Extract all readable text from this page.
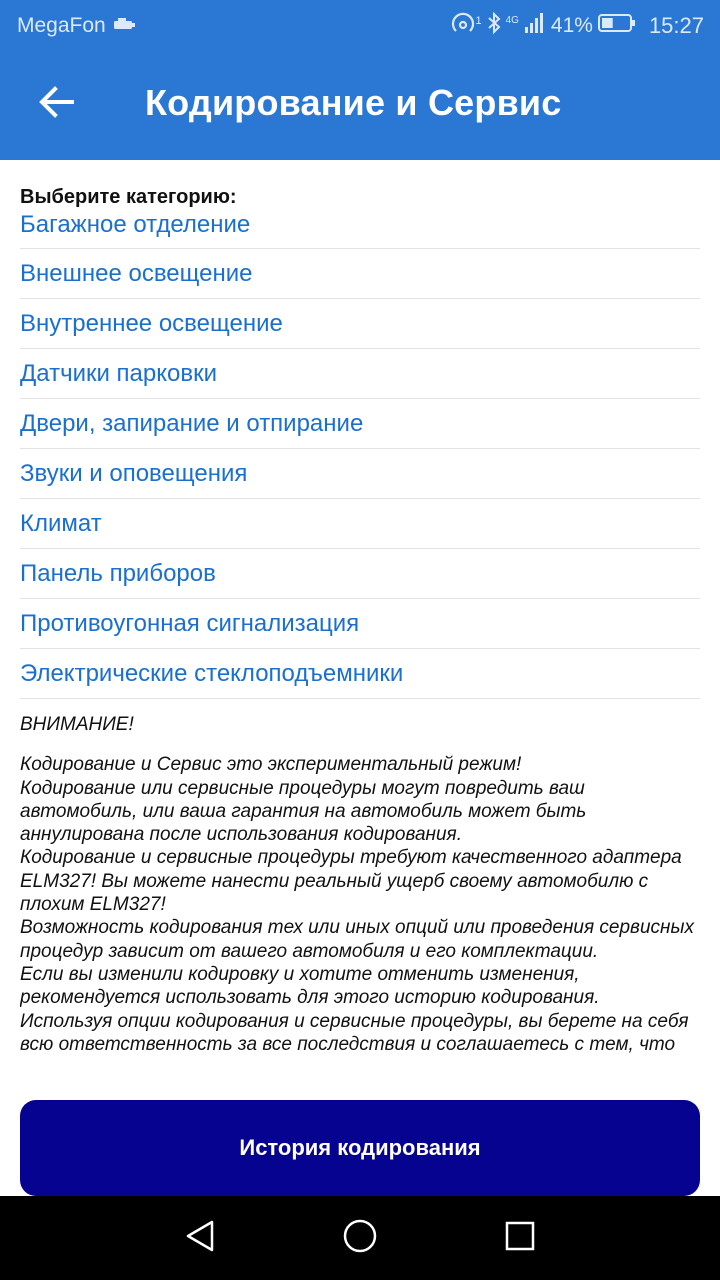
MegaFon	1 4G 41%	15:27
Кодирование и Сервис
Выберите категорию:
Багажное отделение
Внешнее освещение
Внутреннее освещение
Датчики парковки
Двери, запирание и отпирание
Звуки и оповещения
Климат
Панель приборов
Противоугонная сигнализация
Электрические стеклоподъемники
ВНИМАНИЕ!
Кодирование и Сервис это экспериментальный режим!
Кодирование или сервисные процедуры могут повредить ваш автомобиль, или ваша гарантия на автомобиль может быть аннулирована после использования кодирования.
Кодирование и сервисные процедуры требуют качественного адаптера ELM327! Вы можете нанести реальный ущерб своему автомобилю с плохим ELM327!
Возможность кодирования тех или иных опций или проведения сервисных процедур зависит от вашего автомобиля и его комплектации.
Если вы изменили кодировку и хотите отменить изменения, рекомендуется использовать для этого историю кодирования.
Используя опции кодирования и сервисные процедуры, вы берете на себя всю ответственность за все последствия и соглашаетесь с тем, что
История кодирования
